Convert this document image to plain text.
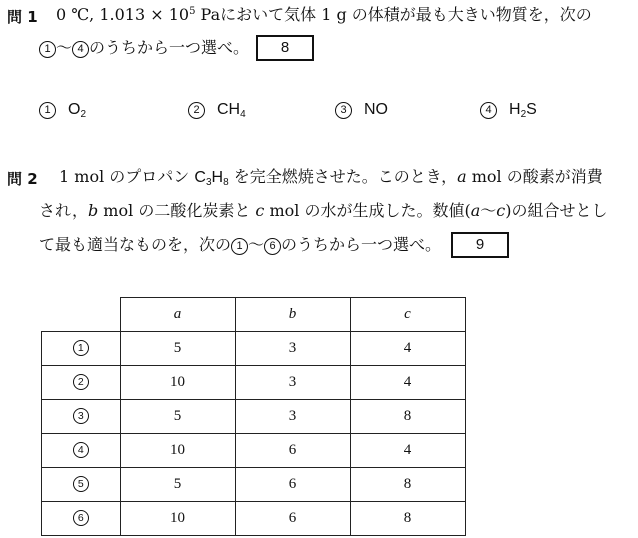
問 1 0 ℃, $1.013 \times 10^5$ Paにおいて気体 1 g の体積が最も大きい物質を，次の
1 ～ 4 のうちから一つ選べ。	8
1 $O_2$	2 $CH_4$	3 NO	4 $H_2S$
問 2 1 mol のプロパン $C_3H_8$ を完全燃焼させた。このとき，a mol の酸素が消費
され，b mol の二酸化炭素と c mol の水が生成した。数値(a～c)の組合せとし
て最も適当なものを，次の 1 ～ 6 のうちから一つ選べ。	9
	a	b	c
1	5	3	4
2	10	3	4
3	5	3	8
4	10	6	4
5	5	6	8
6	10	6	8
